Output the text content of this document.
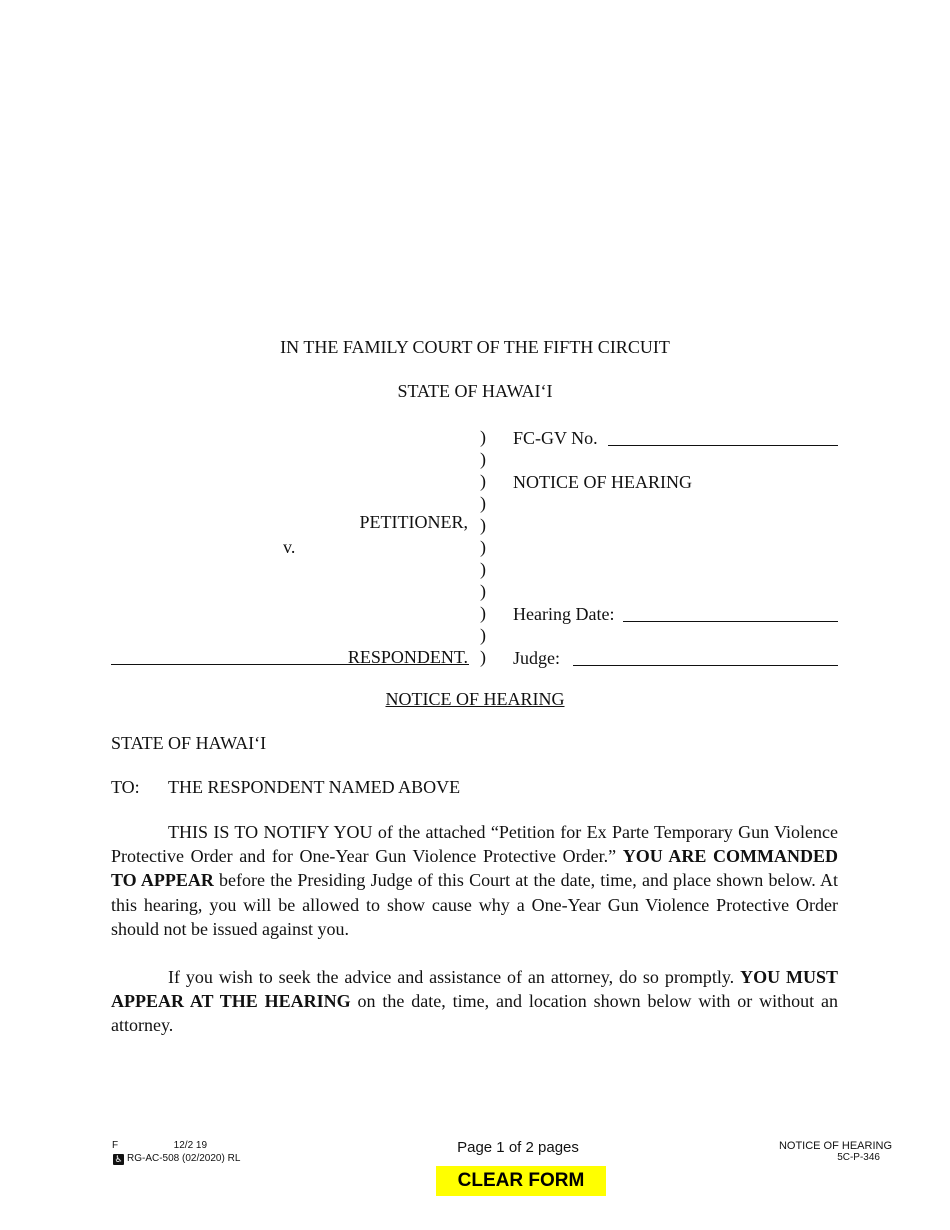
IN THE FAMILY COURT OF THE FIFTH CIRCUIT
STATE OF HAWAI‘I
)
)
)
)
)
)
)
)
)
)
)
PETITIONER,
v.
RESPONDENT.
FC-GV No.
NOTICE OF HEARING
Hearing Date:
Judge:
NOTICE OF HEARING
STATE OF HAWAI‘I
TO: THE RESPONDENT NAMED ABOVE
THIS IS TO NOTIFY YOU of the attached “Petition for Ex Parte Temporary Gun Violence Protective Order and for One-Year Gun Violence Protective Order.” YOU ARE COMMANDED TO APPEAR before the Presiding Judge of this Court at the date, time, and place shown below. At this hearing, you will be allowed to show cause why a One-Year Gun Violence Protective Order should not be issued against you.
If you wish to seek the advice and assistance of an attorney, do so promptly. YOU MUST APPEAR AT THE HEARING on the date, time, and location shown below with or without an attorney.
F	12/2 19
♿ RG-AC-508 (02/2020) RL
Page 1 of 2 pages	NOTICE OF HEARING
5C-P-346
CLEAR FORM
